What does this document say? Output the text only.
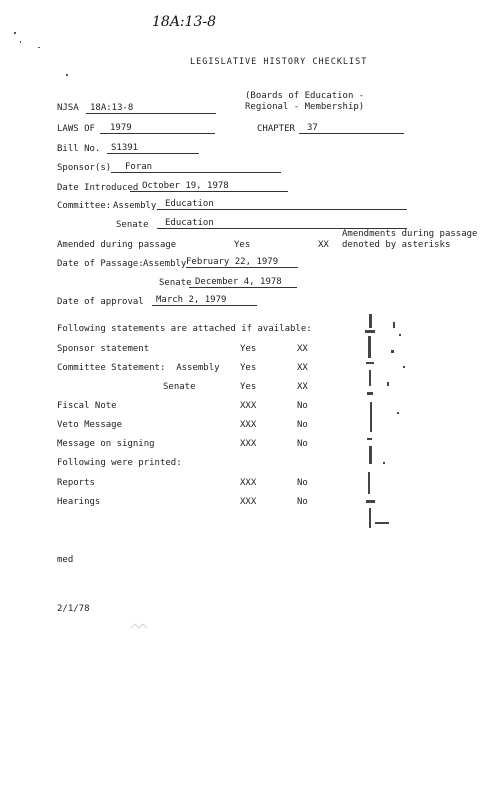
18A:13-8
LEGISLATIVE HISTORY CHECKLIST
NJSA	18A:13-8
(Boards of Education -
Regional - Membership)
LAWS OF	1979	CHAPTER	37
Bill No.	S1391
Sponsor(s)	Foran
Date Introduced October 19, 1978
Committee: Assembly Education
Senate	Education
Amended during passage	Yes	XX
Amendments during passage
denoted by asterisks
Date of Passage: Assembly February 22, 1979
Senate December 4, 1978
Date of approval	March 2, 1979
Following statements are attached if available:
Sponsor statement	Yes	XX
Committee Statement:  Assembly Yes	XX
Senate	Yes	XX
Fiscal Note	XXX	No
Veto Message	XXX	No
Message on signing	XXX	No
Following were printed:
Reports	XXX	No
Hearings	XXX	No
med
2/1/78
